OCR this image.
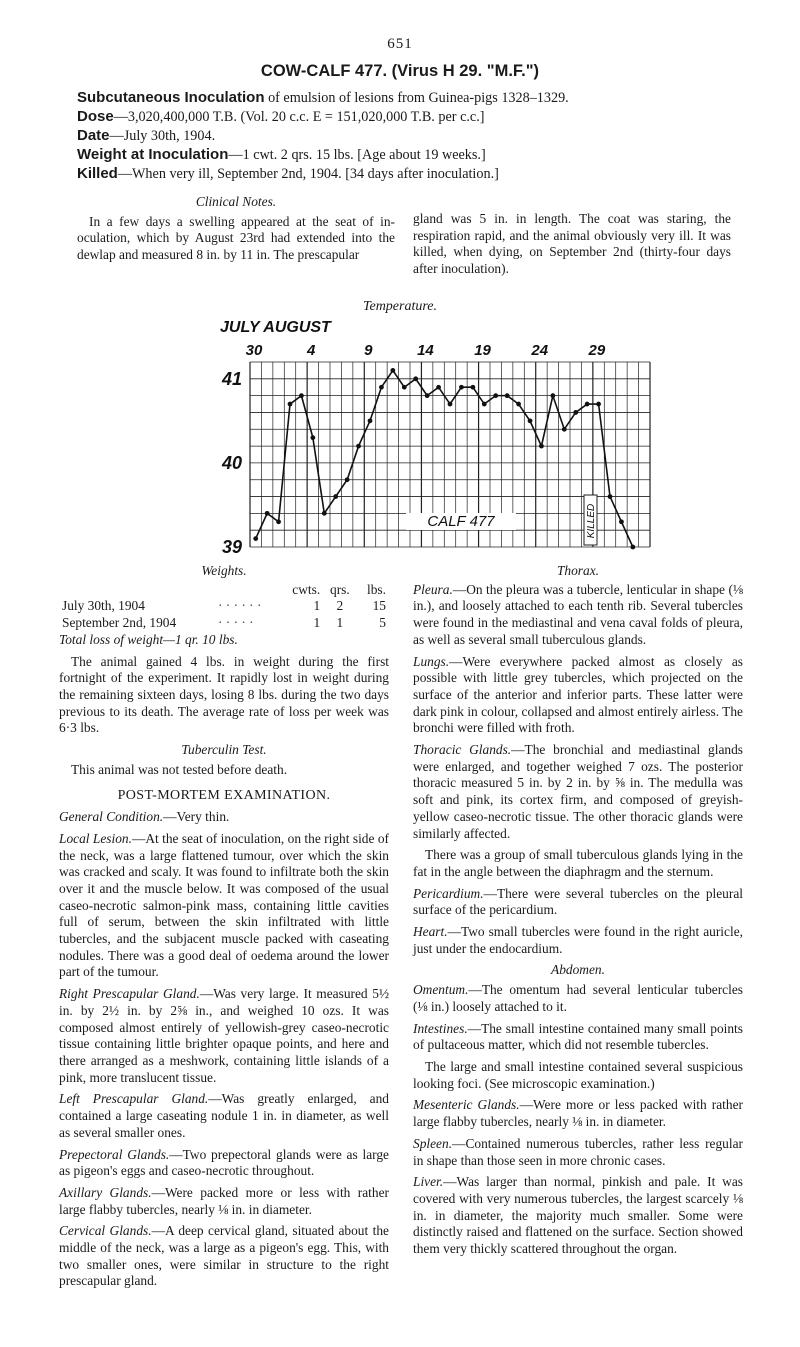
651
COW-CALF 477. (Virus H 29. "M.F.")
Subcutaneous Inoculation of emulsion of lesions from Guinea-pigs 1328–1329.
Dose—3,020,400,000 T.B. (Vol. 20 c.c. E = 151,020,000 T.B. per c.c.]
Date—July 30th, 1904.
Weight at Inoculation—1 cwt. 2 qrs. 15 lbs. [Age about 19 weeks.]
Killed—When very ill, September 2nd, 1904. [34 days after inoculation.]
Clinical Notes.

In a few days a swelling appeared at the seat of in-oculation, which by August 23rd had extended into the dewlap and measured 8 in. by 11 in. The prescapular

gland was 5 in. in length. The coat was staring, the respiration rapid, and the animal obviously very ill. It was killed, when dying, on September 2nd (thirty-four days after inoculation).

Temperature.
JULY AUGUST
30	4	9	14	19	24	29
41
40
39
CALF 477	KILLED
Weights.
		cwts.	qrs.	lbs.
July 30th, 1904	· · · · · ·	1	2	15
September 2nd, 1904	· · · · ·	1	1	5

Total loss of weight—1 qr. 10 lbs.

The animal gained 4 lbs. in weight during the first fortnight of the experiment. It rapidly lost in weight during the remaining sixteen days, losing 8 lbs. during the two days previous to its death. The average rate of loss per week was 6·3 lbs.

Tuberculin Test.

This animal was not tested before death.

POST-MORTEM EXAMINATION.

General Condition.—Very thin.

Local Lesion.—At the seat of inoculation, on the right side of the neck, was a large flattened tumour, over which the skin was cracked and scaly. It was found to infiltrate both the skin over it and the muscle below. It was composed of the usual caseo-necrotic salmon-pink mass, containing little cavities full of serum, between the skin infiltrated with little tubercles, and the subjacent muscle packed with caseating nodules. There was a good deal of oedema around the lower part of the tumour.

Right Prescapular Gland.—Was very large. It measured 5½ in. by 2½ in. by 2⅝ in., and weighed 10 ozs. It was composed almost entirely of yellowish-grey caseo-necrotic tissue containing little brighter opaque points, and here and there arranged as a meshwork, containing little islands of a pink, more translucent tissue.

Left Prescapular Gland.—Was greatly enlarged, and contained a large caseating nodule 1 in. in diameter, as well as several smaller ones.

Prepectoral Glands.—Two prepectoral glands were as large as pigeon's eggs and caseo-necrotic throughout.

Axillary Glands.—Were packed more or less with rather large flabby tubercles, nearly ⅛ in. in diameter.

Cervical Glands.—A deep cervical gland, situated about the middle of the neck, was a large as a pigeon's egg. This, with two smaller ones, were similar in structure to the right prescapular gland.

Thorax.

Pleura.—On the pleura was a tubercle, lenticular in shape (⅛ in.), and loosely attached to each tenth rib. Several tubercles were found in the mediastinal and vena caval folds of pleura, as well as several small tuberculous glands.

Lungs.—Were everywhere packed almost as closely as possible with little grey tubercles, which projected on the surface of the anterior and inferior parts. These latter were dark pink in colour, collapsed and almost entirely airless. The bronchi were filled with froth.

Thoracic Glands.—The bronchial and mediastinal glands were enlarged, and together weighed 7 ozs. The posterior thoracic measured 5 in. by 2 in. by ⅝ in. The medulla was soft and pink, its cortex firm, and composed of greyish-yellow caseo-necrotic tissue. The other thoracic glands were similarly affected.

There was a group of small tuberculous glands lying in the fat in the angle between the diaphragm and the sternum.

Pericardium.—There were several tubercles on the pleural surface of the pericardium.

Heart.—Two small tubercles were found in the right auricle, just under the endocardium.

Abdomen.

Omentum.—The omentum had several lenticular tubercles (⅛ in.) loosely attached to it.

Intestines.—The small intestine contained many small points of pultaceous matter, which did not resemble tubercles.

The large and small intestine contained several suspicious looking foci. (See microscopic examination.)

Mesenteric Glands.—Were more or less packed with rather large flabby tubercles, nearly ⅛ in. in diameter.

Spleen.—Contained numerous tubercles, rather less regular in shape than those seen in more chronic cases.

Liver.—Was larger than normal, pinkish and pale. It was covered with very numerous tubercles, the largest scarcely ⅛ in. in diameter, the majority much smaller. Some were distinctly raised and flattened on the surface. Section showed them very thickly scattered throughout the organ.
